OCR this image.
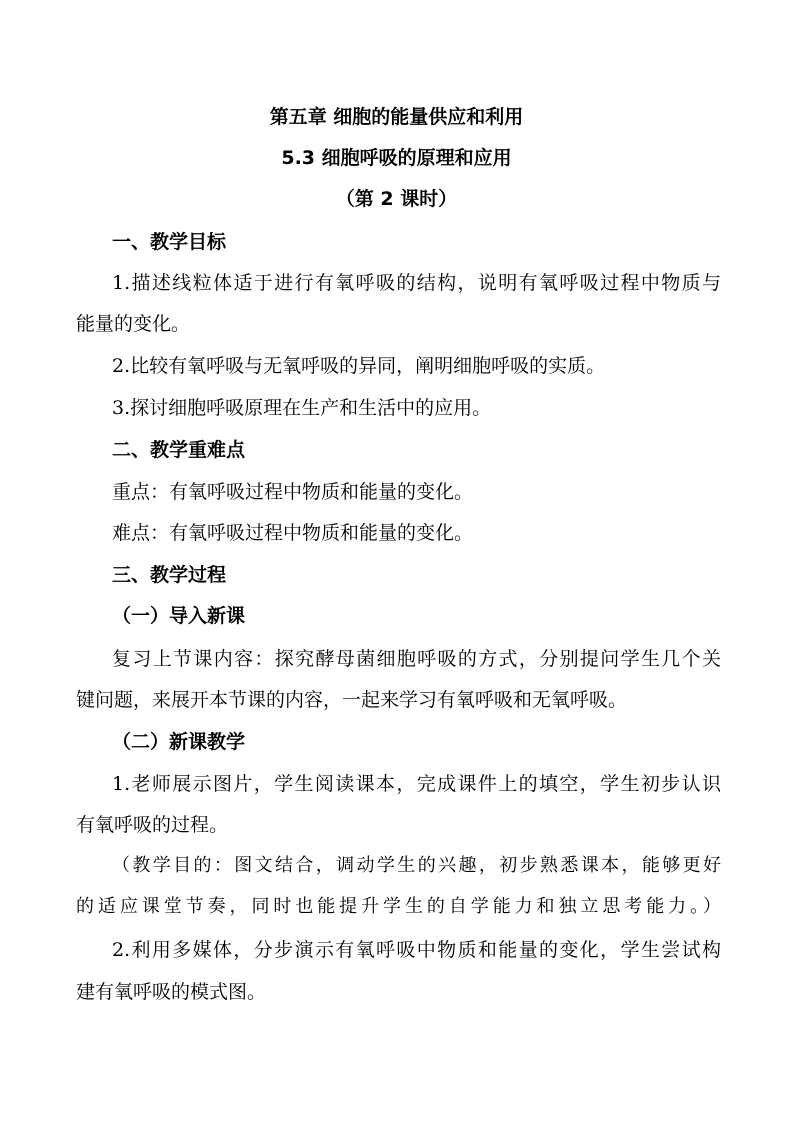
第五章 细胞的能量供应和利用
5.3 细胞呼吸的原理和应用
（第 2 课时）
一、教学目标
1.描述线粒体适于进行有氧呼吸的结构，说明有氧呼吸过程中物质与
能量的变化。
2.比较有氧呼吸与无氧呼吸的异同，阐明细胞呼吸的实质。
3.探讨细胞呼吸原理在生产和生活中的应用。
二、教学重难点
重点：有氧呼吸过程中物质和能量的变化。
难点：有氧呼吸过程中物质和能量的变化。
三、教学过程
（一）导入新课
复习上节课内容：探究酵母菌细胞呼吸的方式，分别提问学生几个关
键问题，来展开本节课的内容，一起来学习有氧呼吸和无氧呼吸。
（二）新课教学
1.老师展示图片，学生阅读课本，完成课件上的填空，学生初步认识
有氧呼吸的过程。
（教学目的：图文结合，调动学生的兴趣，初步熟悉课本，能够更好
的适应课堂节奏，同时也能提升学生的自学能力和独立思考能力。）
2.利用多媒体，分步演示有氧呼吸中物质和能量的变化，学生尝试构
建有氧呼吸的模式图。
